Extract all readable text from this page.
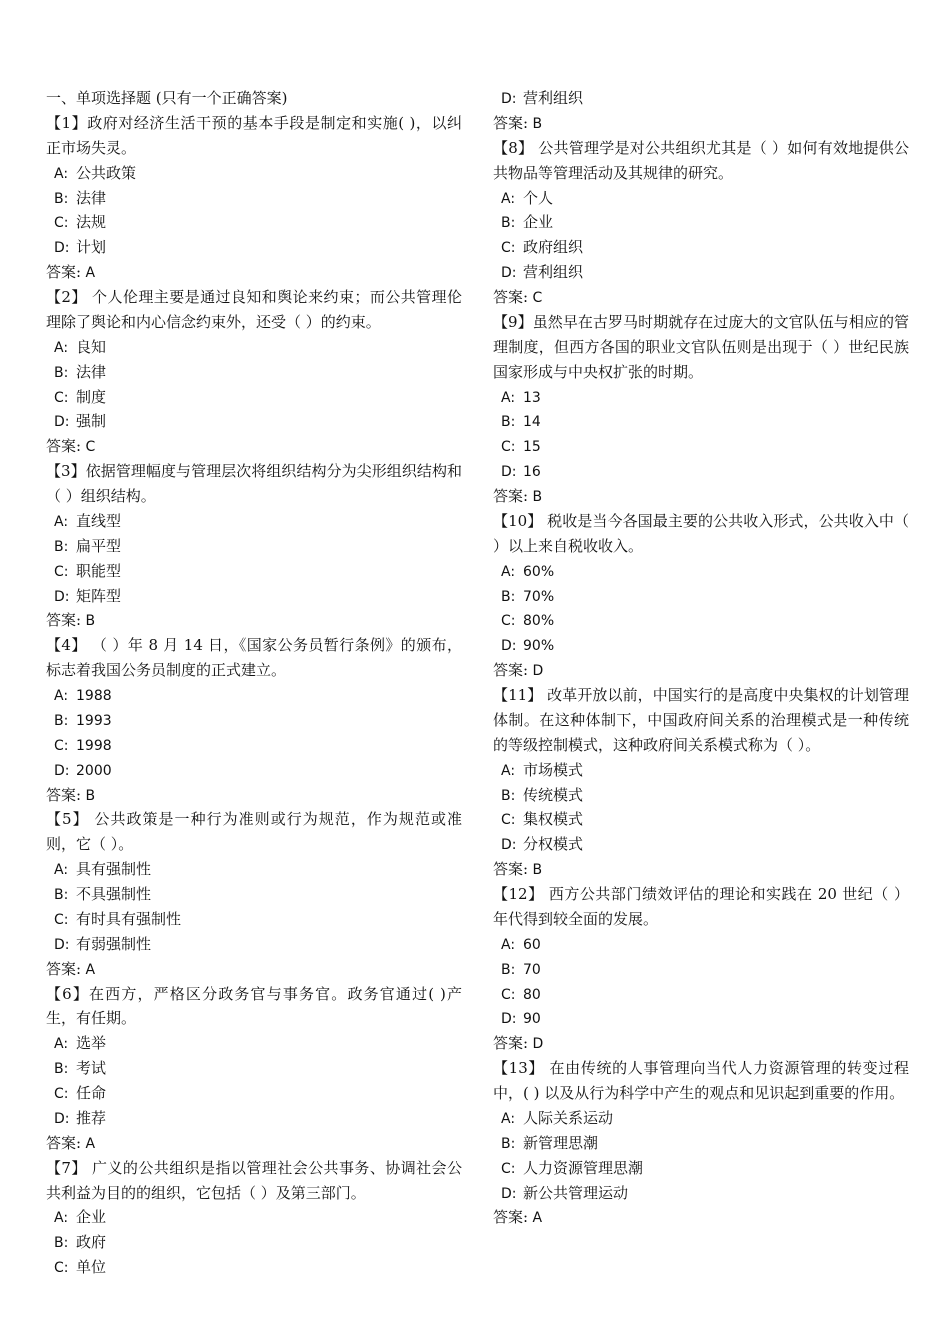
一、单项选择题 (只有一个正确答案)
【1】政府对经济生活干预的基本手段是制定和实施( )，以纠正市场失灵。
A: 公共政策
B: 法律
C: 法规
D: 计划
答案: A
【2】 个人伦理主要是通过良知和舆论来约束；而公共管理伦理除了舆论和内心信念约束外，还受（ ）的约束。
A: 良知
B: 法律
C: 制度
D: 强制
答案: C
【3】依据管理幅度与管理层次将组织结构分为尖形组织结构和（ ）组织结构。
A: 直线型
B: 扁平型
C: 职能型
D: 矩阵型
答案: B
【4】 （ ）年 8 月 14 日，《国家公务员暂行条例》的颁布，标志着我国公务员制度的正式建立。
A: 1988
B: 1993
C: 1998
D: 2000
答案: B
【5】 公共政策是一种行为准则或行为规范，作为规范或准则，它（ ）。
A: 具有强制性
B: 不具强制性
C: 有时具有强制性
D: 有弱强制性
答案: A
【6】在西方，严格区分政务官与事务官。政务官通过( )产生，有任期。
A: 选举
B: 考试
C: 任命
D: 推荐
答案: A
【7】 广义的公共组织是指以管理社会公共事务、协调社会公共利益为目的的组织，它包括（ ）及第三部门。
A: 企业
B: 政府
C: 单位
D: 营利组织
答案: B
【8】 公共管理学是对公共组织尤其是（ ）如何有效地提供公共物品等管理活动及其规律的研究。
A: 个人
B: 企业
C: 政府组织
D: 营利组织
答案: C
【9】虽然早在古罗马时期就存在过庞大的文官队伍与相应的管理制度，但西方各国的职业文官队伍则是出现于（ ）世纪民族国家形成与中央权扩张的时期。
A: 13
B: 14
C: 15
D: 16
答案: B
【10】 税收是当今各国最主要的公共收入形式，公共收入中（ ）以上来自税收收入。
A: 60%
B: 70%
C: 80%
D: 90%
答案: D
【11】 改革开放以前，中国实行的是高度中央集权的计划管理体制。在这种体制下，中国政府间关系的治理模式是一种传统的等级控制模式，这种政府间关系模式称为（ ）。
A: 市场模式
B: 传统模式
C: 集权模式
D: 分权模式
答案: B
【12】 西方公共部门绩效评估的理论和实践在 20 世纪（ ）年代得到较全面的发展。
A: 60
B: 70
C: 80
D: 90
答案: D
【13】 在由传统的人事管理向当代人力资源管理的转变过程中，( ) 以及从行为科学中产生的观点和见识起到重要的作用。
A: 人际关系运动
B: 新管理思潮
C: 人力资源管理思潮
D: 新公共管理运动
答案: A
